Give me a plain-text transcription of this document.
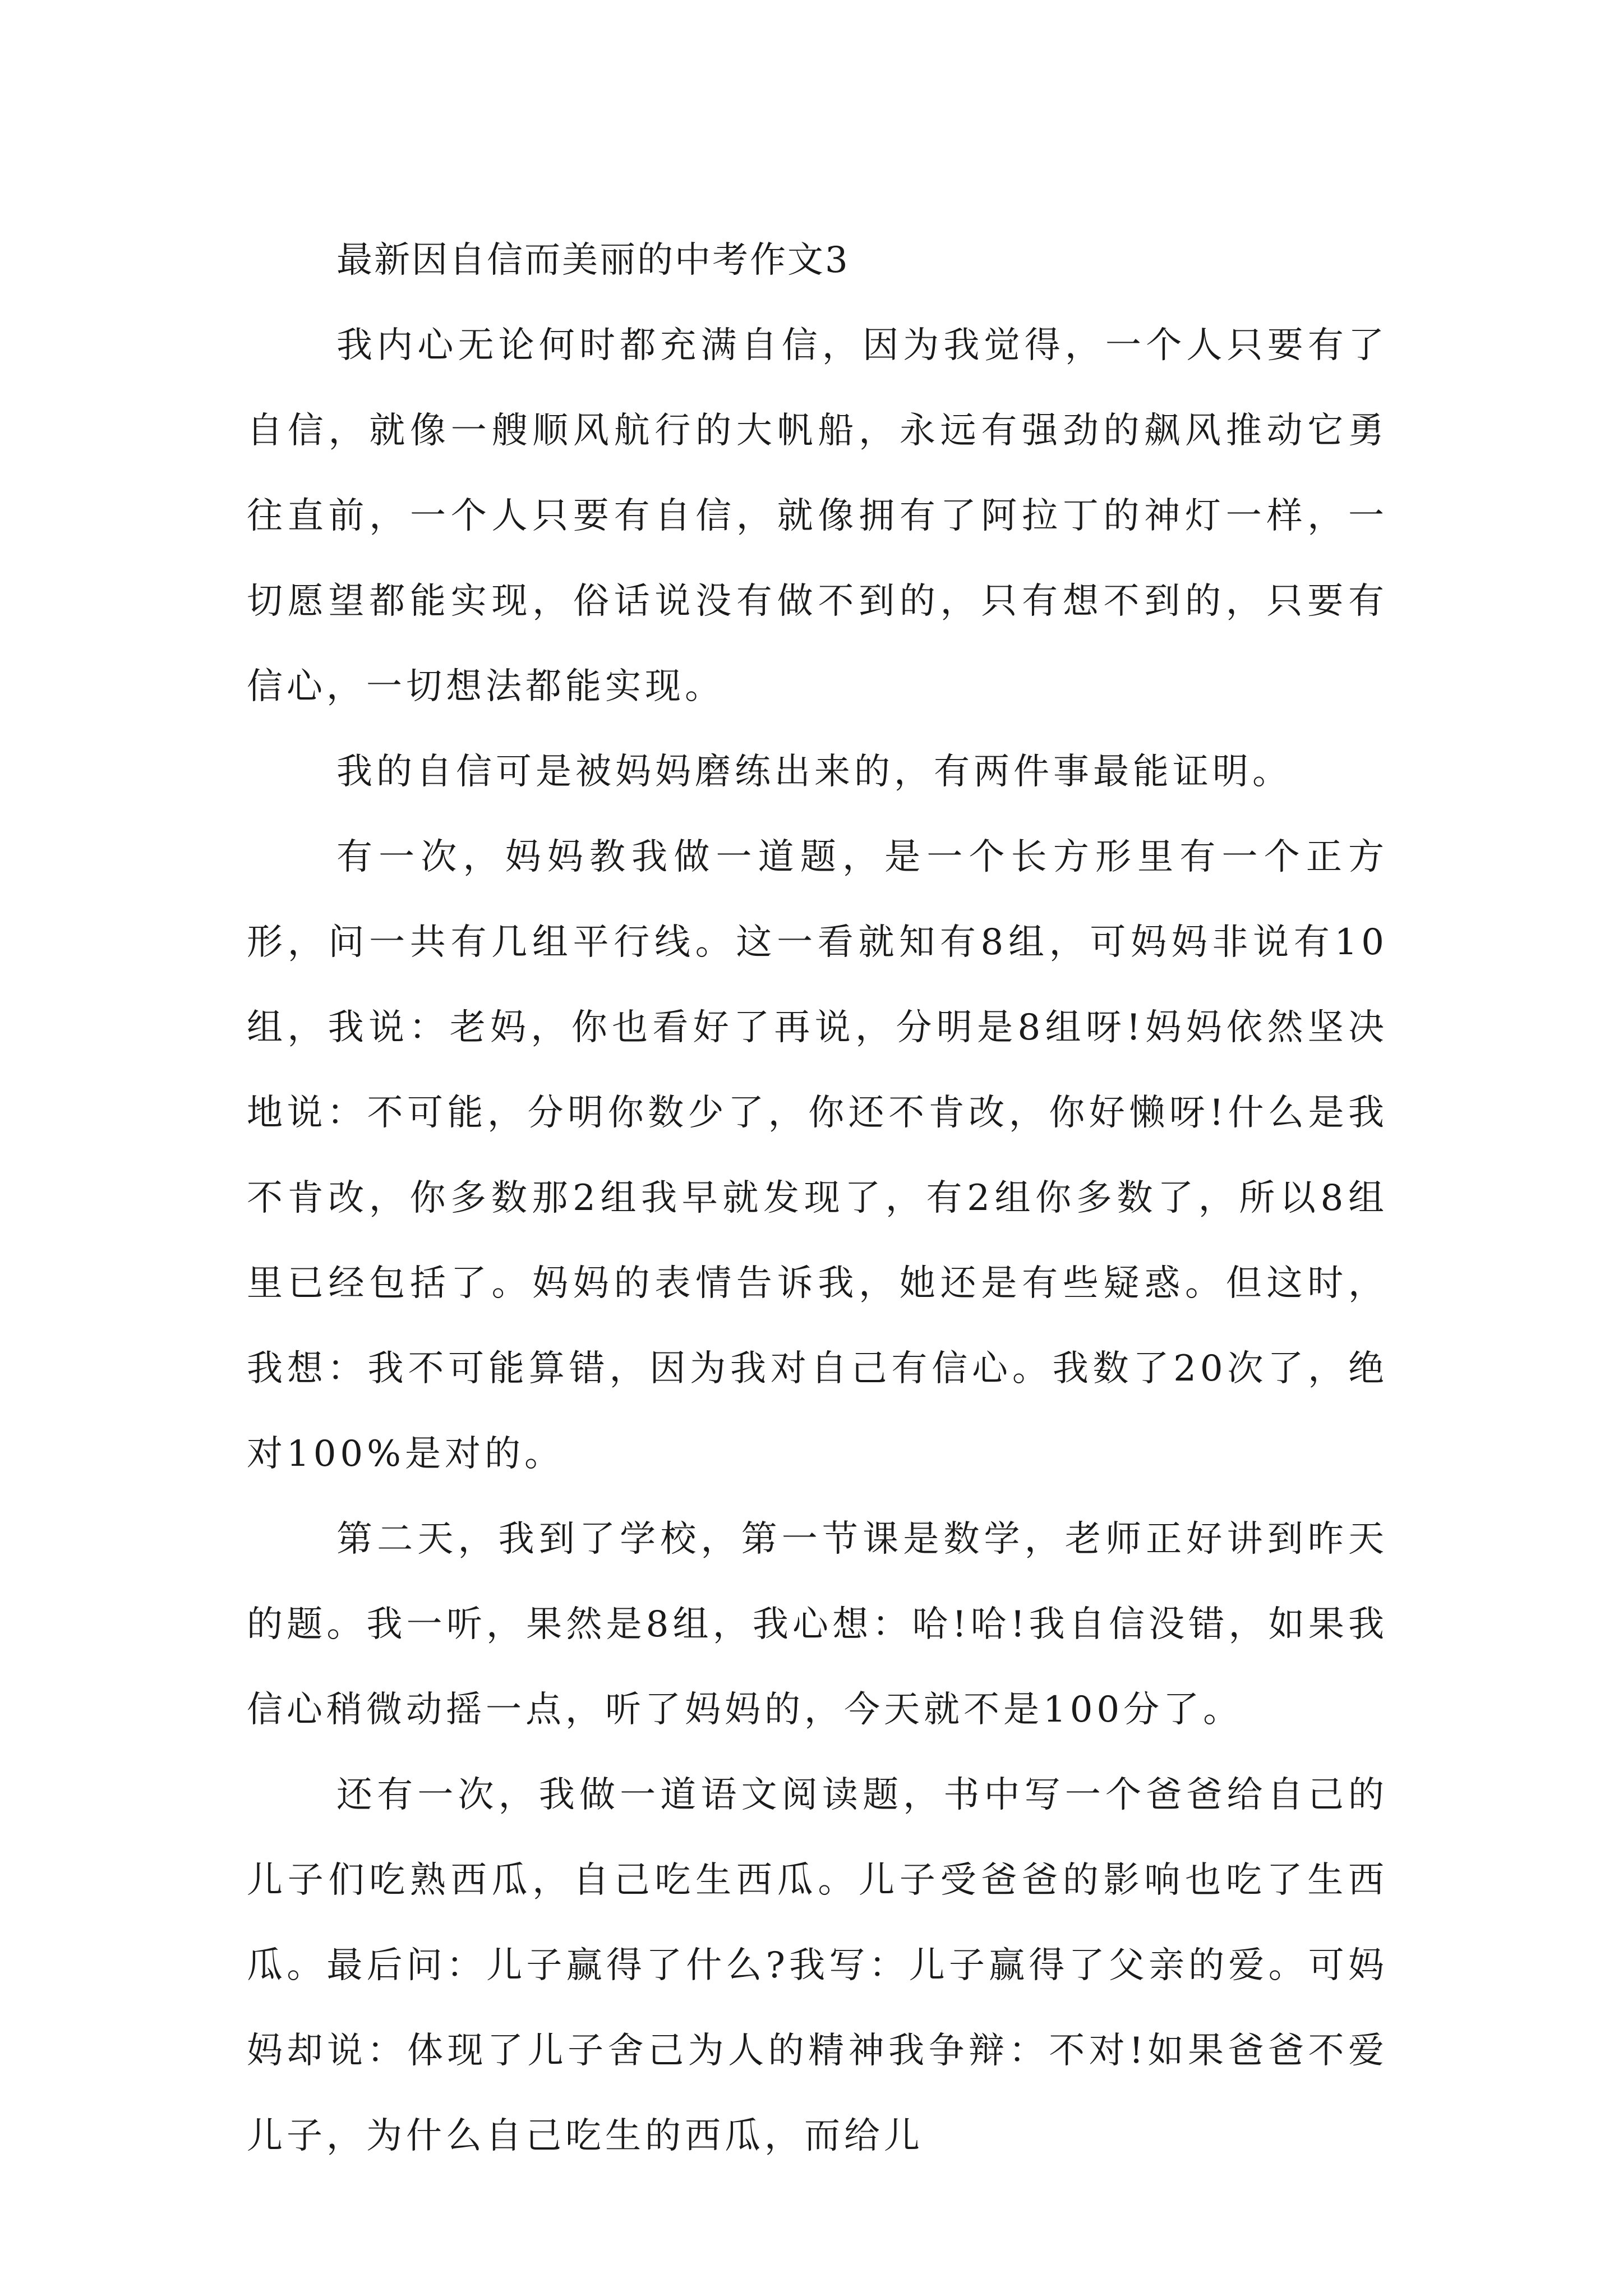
最新因自信而美丽的中考作文3

我内心无论何时都充满自信，因为我觉得，一个人只要有了自信，就像一艘顺风航行的大帆船，永远有强劲的飙风推动它勇往直前，一个人只要有自信，就像拥有了阿拉丁的神灯一样，一切愿望都能实现，俗话说没有做不到的，只有想不到的，只要有信心，一切想法都能实现。

我的自信可是被妈妈磨练出来的，有两件事最能证明。

有一次，妈妈教我做一道题，是一个长方形里有一个正方形，问一共有几组平行线。这一看就知有8组，可妈妈非说有10组，我说：老妈，你也看好了再说，分明是8组呀!妈妈依然坚决地说：不可能，分明你数少了，你还不肯改，你好懒呀!什么是我不肯改，你多数那2组我早就发现了，有2组你多数了，所以8组里已经包括了。妈妈的表情告诉我，她还是有些疑惑。但这时，我想：我不可能算错，因为我对自己有信心。我数了20次了，绝对100%是对的。

第二天，我到了学校，第一节课是数学，老师正好讲到昨天的题。我一听，果然是8组，我心想：哈!哈!我自信没错，如果我信心稍微动摇一点，听了妈妈的，今天就不是100分了。

还有一次，我做一道语文阅读题，书中写一个爸爸给自己的儿子们吃熟西瓜，自己吃生西瓜。儿子受爸爸的影响也吃了生西瓜。最后问：儿子赢得了什么?我写：儿子赢得了父亲的爱。可妈妈却说：体现了儿子舍己为人的精神我争辩：不对!如果爸爸不爱儿子，为什么自己吃生的西瓜，而给儿
